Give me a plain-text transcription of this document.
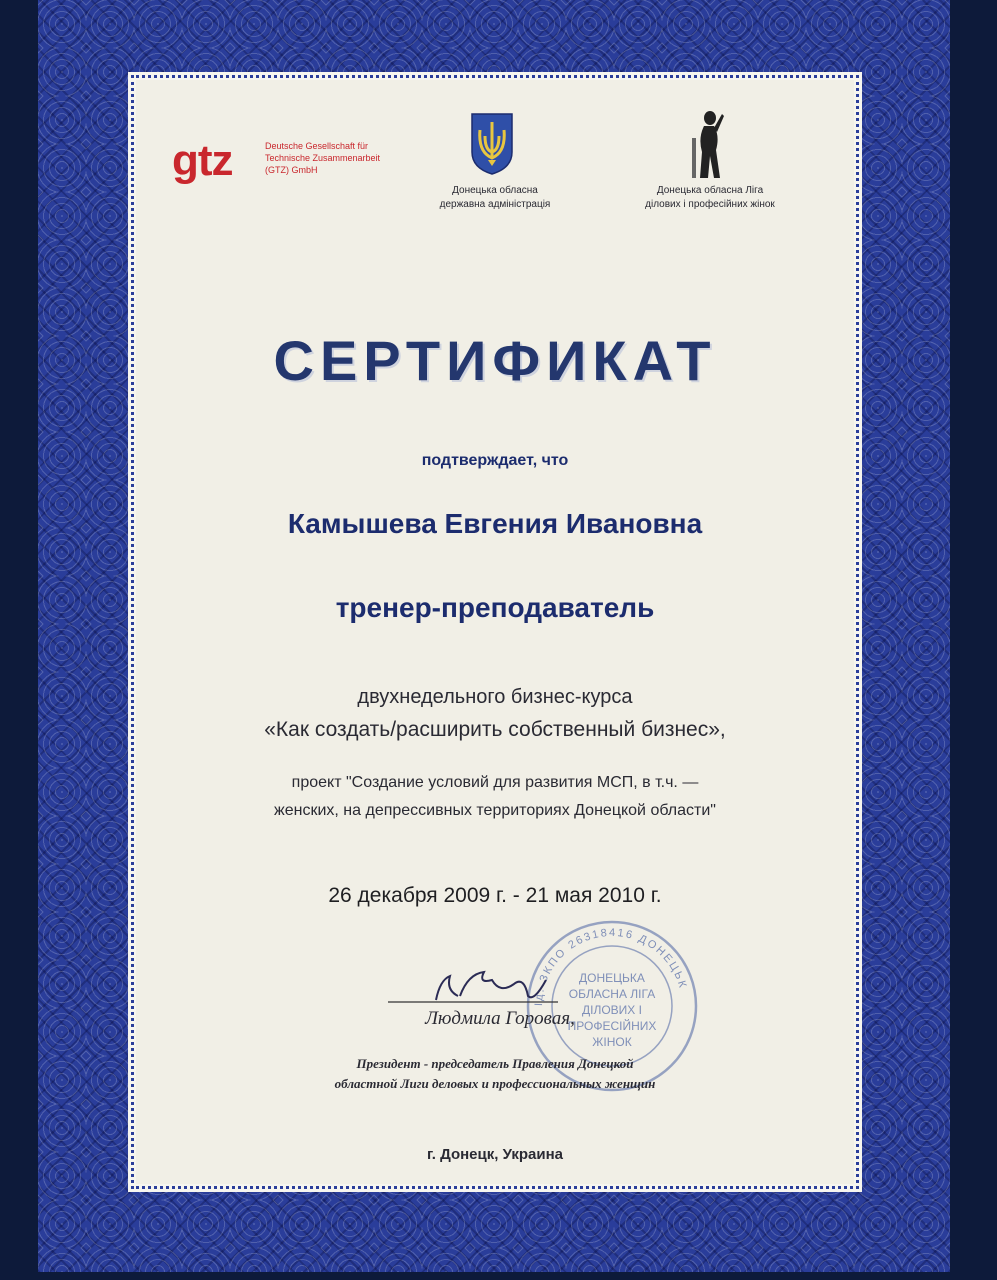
gtz	Deutsche Gesellschaft für
Technische Zusammenarbeit
(GTZ) GmbH
Донецька обласна
державна адміністрація
Донецька обласна Ліга
ділових і професійних жінок
СЕРТИФИКАТ
подтверждает, что
Камышева Евгения Ивановна
тренер-преподаватель
двухнедельного бизнес-курса
«Как создать/расширить собственный бизнес»,
проект "Создание условий для развития МСП, в т.ч. —
женских, на депрессивных территориях Донецкой области"
26 декабря 2009 г. - 21 мая 2010 г.
Ід. ЗКПО 26318416 ДОНЕЦЬК
ДОНЕЦЬКА
ОБЛАСНА ЛІГА
ДІЛОВИХ І
ПРОФЕСІЙНИХ
ЖІНОК
Людмила Горовая,
Президент - председатель Правления Донецкой
областной Лиги деловых и профессиональных женщин
г. Донецк, Украина
